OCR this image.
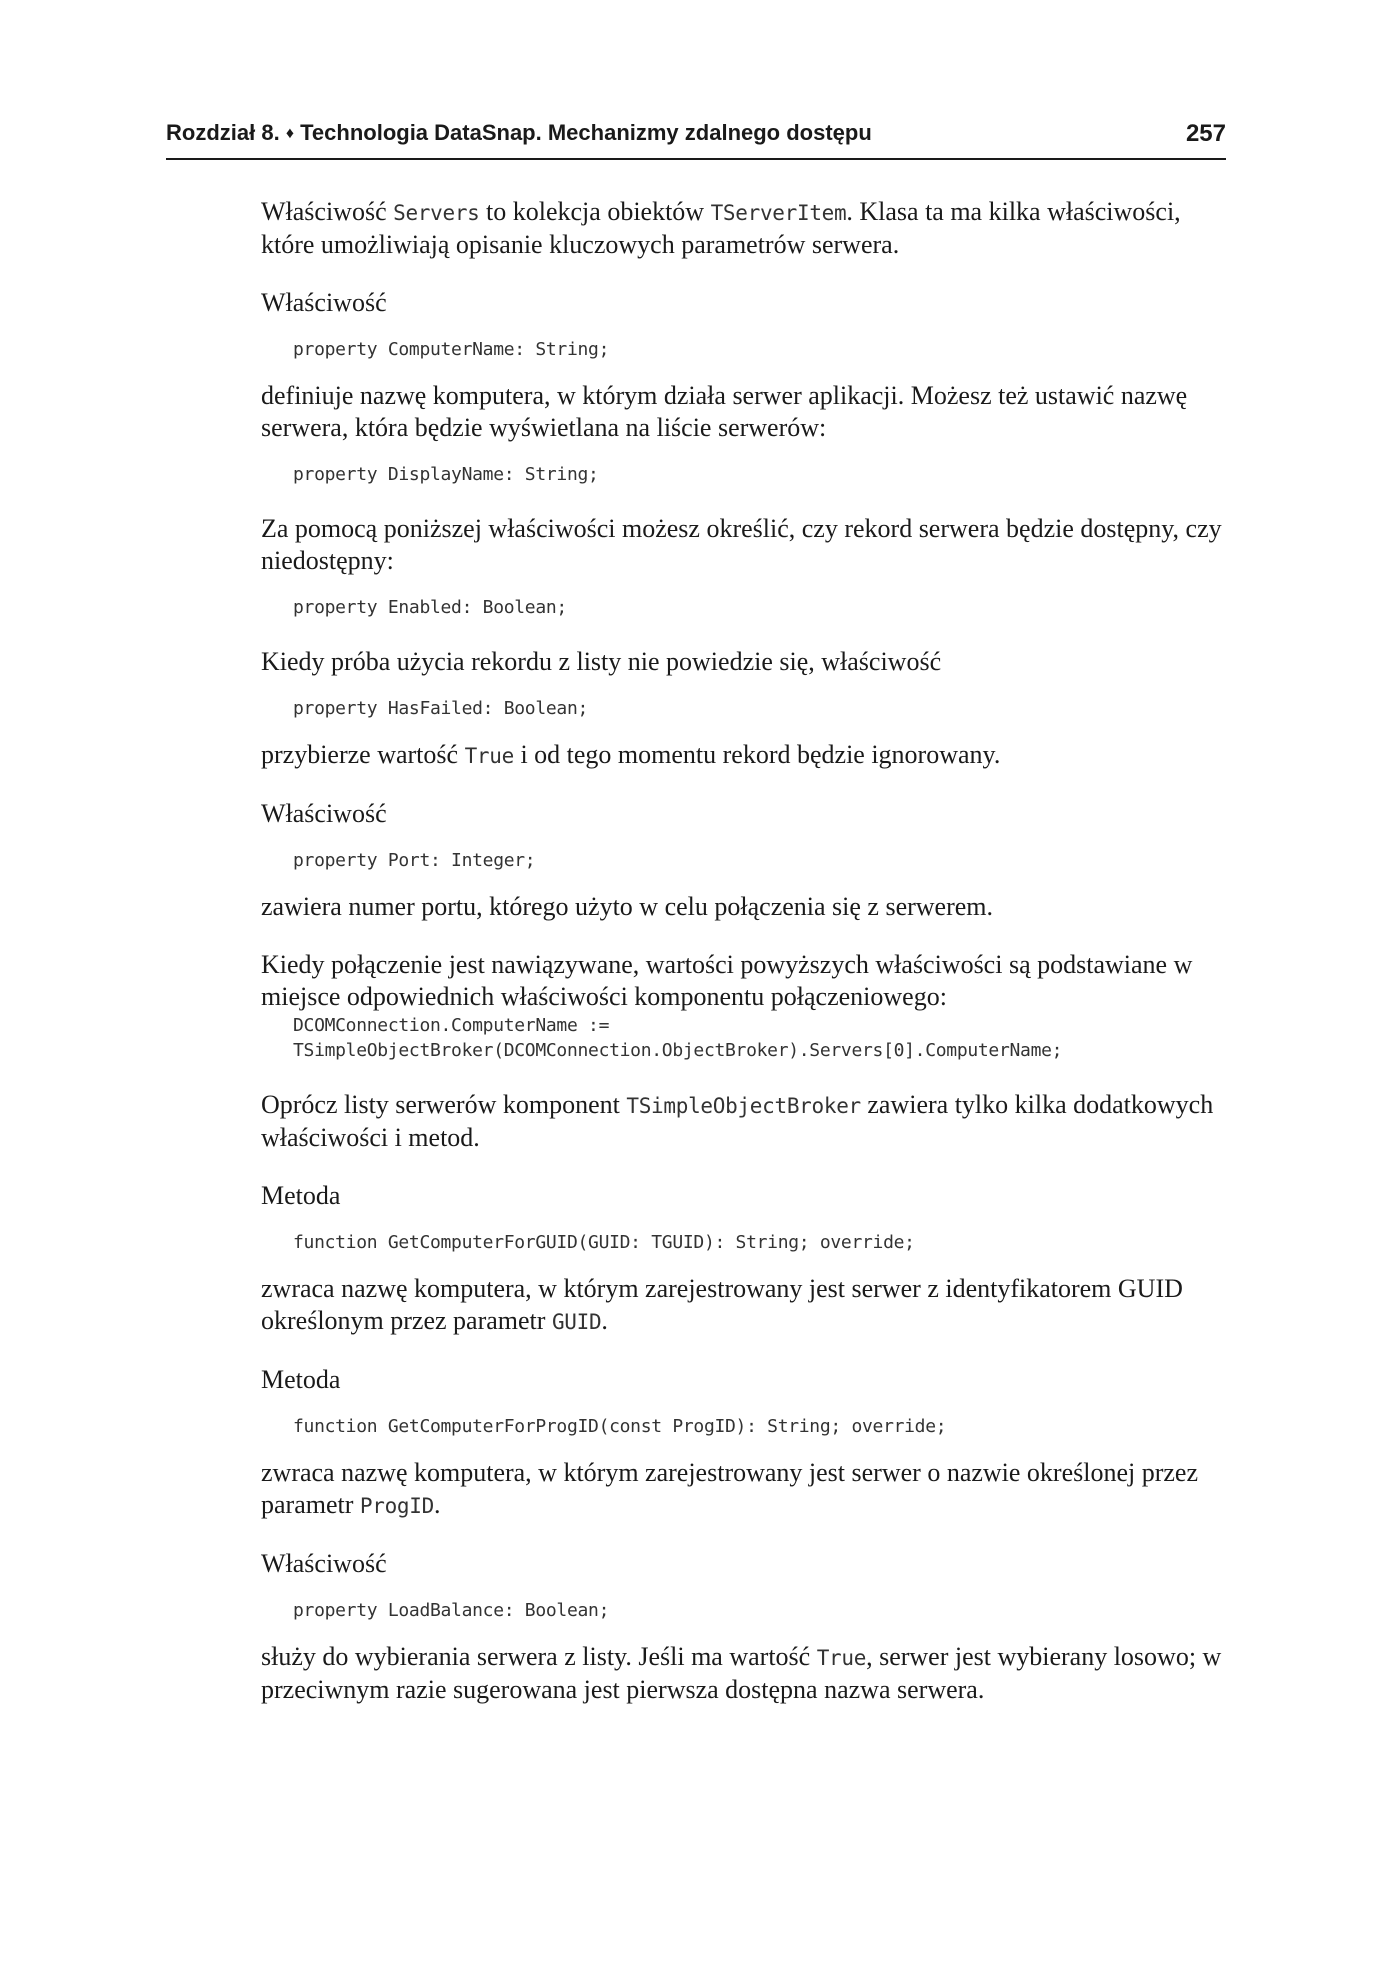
Rozdział 8. ♦ Technologia DataSnap. Mechanizmy zdalnego dostępu	257

Właściwość Servers to kolekcja obiektów TServerItem. Klasa ta ma kilka właściwości, które umożliwiają opisanie kluczowych parametrów serwera.

Właściwość

property ComputerName: String;

definiuje nazwę komputera, w którym działa serwer aplikacji. Możesz też ustawić nazwę serwera, która będzie wyświetlana na liście serwerów:

property DisplayName: String;

Za pomocą poniższej właściwości możesz określić, czy rekord serwera będzie dostępny, czy niedostępny:

property Enabled: Boolean;

Kiedy próba użycia rekordu z listy nie powiedzie się, właściwość

property HasFailed: Boolean;

przybierze wartość True i od tego momentu rekord będzie ignorowany.

Właściwość

property Port: Integer;

zawiera numer portu, którego użyto w celu połączenia się z serwerem.

Kiedy połączenie jest nawiązywane, wartości powyższych właściwości są podstawiane w miejsce odpowiednich właściwości komponentu połączeniowego:

DCOMConnection.ComputerName :=
TSimpleObjectBroker(DCOMConnection.ObjectBroker).Servers[0].ComputerName;

Oprócz listy serwerów komponent TSimpleObjectBroker zawiera tylko kilka dodatkowych właściwości i metod.

Metoda

function GetComputerForGUID(GUID: TGUID): String; override;

zwraca nazwę komputera, w którym zarejestrowany jest serwer z identyfikatorem GUID określonym przez parametr GUID.

Metoda

function GetComputerForProgID(const ProgID): String; override;

zwraca nazwę komputera, w którym zarejestrowany jest serwer o nazwie określonej przez parametr ProgID.

Właściwość

property LoadBalance: Boolean;

służy do wybierania serwera z listy. Jeśli ma wartość True, serwer jest wybierany losowo; w przeciwnym razie sugerowana jest pierwsza dostępna nazwa serwera.
